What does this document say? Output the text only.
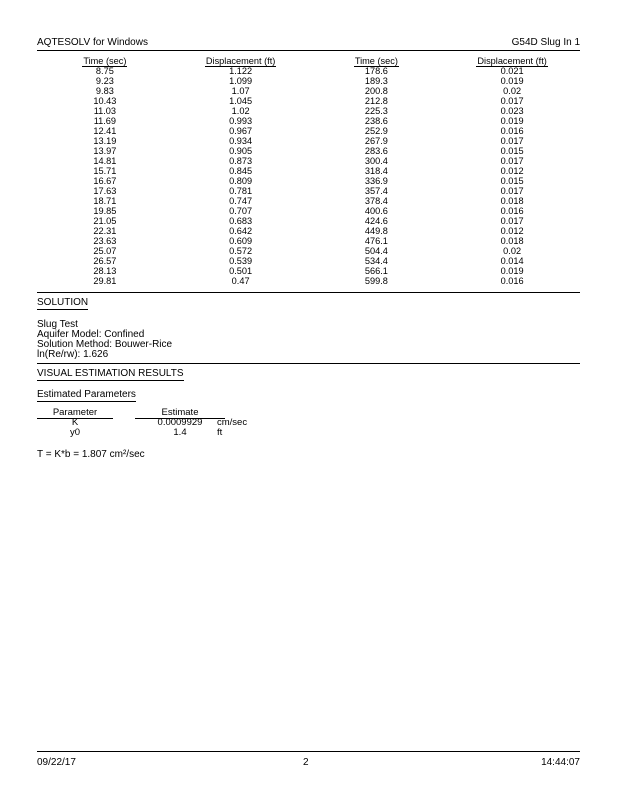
AQTESOLV for Windows	G54D Slug In 1
Time (sec)	Displacement (ft)	Time (sec)	Displacement (ft)
8.75	1.122	178.6	0.021
9.23	1.099	189.3	0.019
9.83	1.07	200.8	0.02
10.43	1.045	212.8	0.017
11.03	1.02	225.3	0.023
11.69	0.993	238.6	0.019
12.41	0.967	252.9	0.016
13.19	0.934	267.9	0.017
13.97	0.905	283.6	0.015
14.81	0.873	300.4	0.017
15.71	0.845	318.4	0.012
16.67	0.809	336.9	0.015
17.63	0.781	357.4	0.017
18.71	0.747	378.4	0.018
19.85	0.707	400.6	0.016
21.05	0.683	424.6	0.017
22.31	0.642	449.8	0.012
23.63	0.609	476.1	0.018
25.07	0.572	504.4	0.02
26.57	0.539	534.4	0.014
28.13	0.501	566.1	0.019
29.81	0.47	599.8	0.016
SOLUTION
Slug Test
Aquifer Model: Confined
Solution Method: Bouwer-Rice
ln(Re/rw): 1.626
VISUAL ESTIMATION RESULTS
Estimated Parameters
Parameter	Estimate
K	0.0009929	cm/sec
y0	1.4	ft
T = K*b = 1.807 cm²/sec
09/22/17	2	14:44:07
